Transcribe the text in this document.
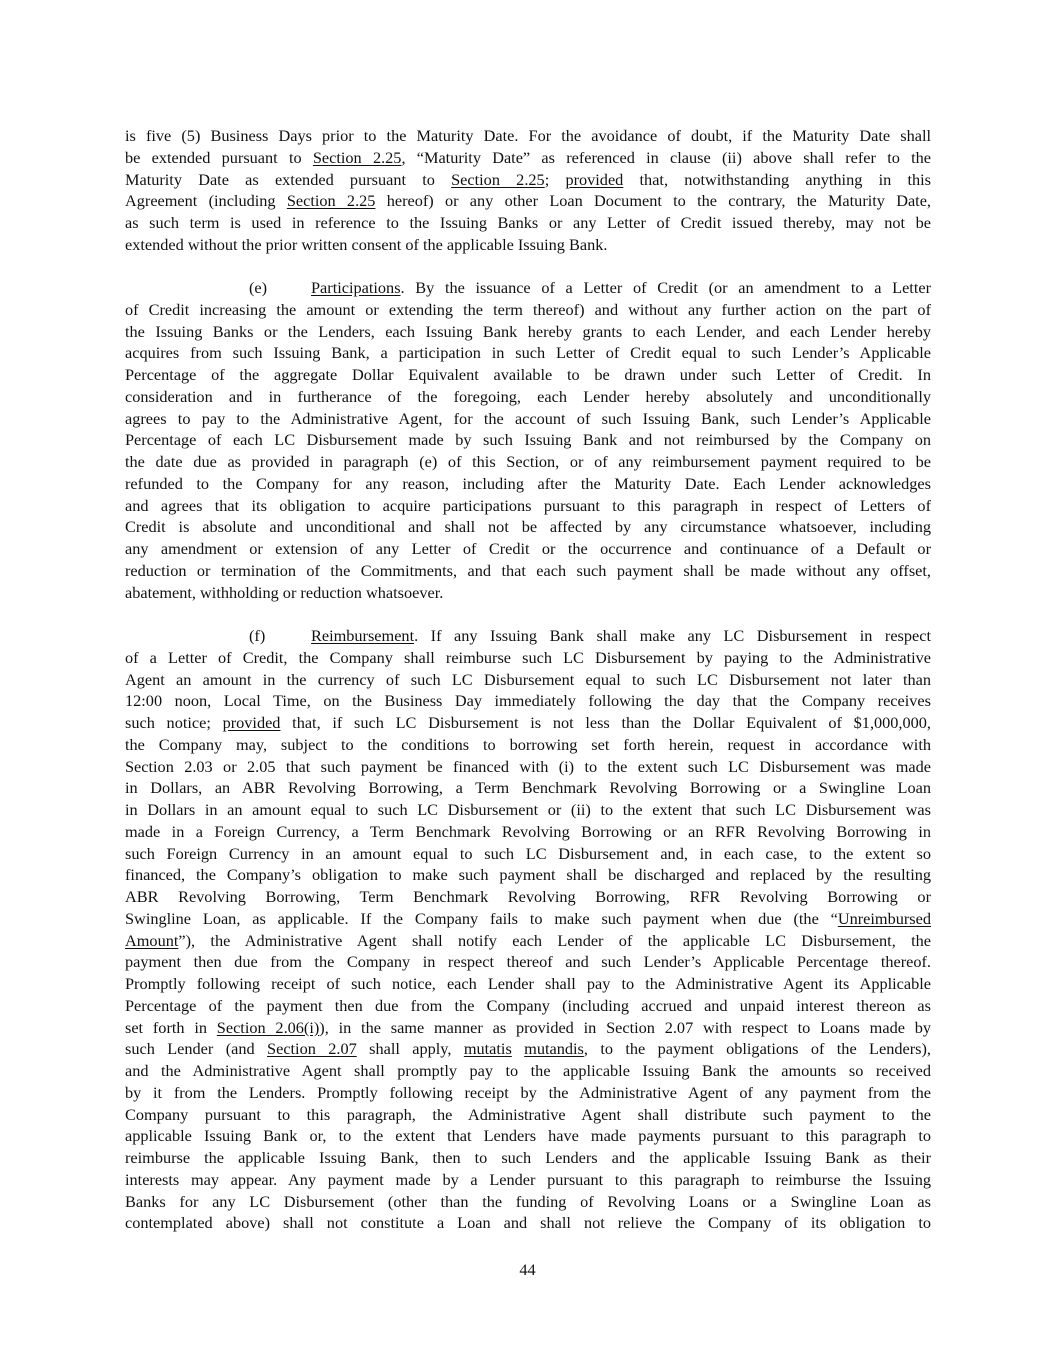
is five (5) Business Days prior to the Maturity Date. For the avoidance of doubt, if the Maturity Date shall
be extended pursuant to Section 2.25, “Maturity Date” as referenced in clause (ii) above shall refer to the
Maturity Date as extended pursuant to Section 2.25; provided that, notwithstanding anything in this
Agreement (including Section 2.25 hereof) or any other Loan Document to the contrary, the Maturity Date,
as such term is used in reference to the Issuing Banks or any Letter of Credit issued thereby, may not be
extended without the prior written consent of the applicable Issuing Bank.
(e)	Participations. By the issuance of a Letter of Credit (or an amendment to a Letter
of Credit increasing the amount or extending the term thereof) and without any further action on the part of
the Issuing Banks or the Lenders, each Issuing Bank hereby grants to each Lender, and each Lender hereby
acquires from such Issuing Bank, a participation in such Letter of Credit equal to such Lender’s Applicable
Percentage of the aggregate Dollar Equivalent available to be drawn under such Letter of Credit. In
consideration and in furtherance of the foregoing, each Lender hereby absolutely and unconditionally
agrees to pay to the Administrative Agent, for the account of such Issuing Bank, such Lender’s Applicable
Percentage of each LC Disbursement made by such Issuing Bank and not reimbursed by the Company on
the date due as provided in paragraph (e) of this Section, or of any reimbursement payment required to be
refunded to the Company for any reason, including after the Maturity Date. Each Lender acknowledges
and agrees that its obligation to acquire participations pursuant to this paragraph in respect of Letters of
Credit is absolute and unconditional and shall not be affected by any circumstance whatsoever, including
any amendment or extension of any Letter of Credit or the occurrence and continuance of a Default or
reduction or termination of the Commitments, and that each such payment shall be made without any offset,
abatement, withholding or reduction whatsoever.
(f)	Reimbursement. If any Issuing Bank shall make any LC Disbursement in respect
of a Letter of Credit, the Company shall reimburse such LC Disbursement by paying to the Administrative
Agent an amount in the currency of such LC Disbursement equal to such LC Disbursement not later than
12:00 noon, Local Time, on the Business Day immediately following the day that the Company receives
such notice; provided that, if such LC Disbursement is not less than the Dollar Equivalent of $1,000,000,
the Company may, subject to the conditions to borrowing set forth herein, request in accordance with
Section 2.03 or 2.05 that such payment be financed with (i) to the extent such LC Disbursement was made
in Dollars, an ABR Revolving Borrowing, a Term Benchmark Revolving Borrowing or a Swingline Loan
in Dollars in an amount equal to such LC Disbursement or (ii) to the extent that such LC Disbursement was
made in a Foreign Currency, a Term Benchmark Revolving Borrowing or an RFR Revolving Borrowing in
such Foreign Currency in an amount equal to such LC Disbursement and, in each case, to the extent so
financed, the Company’s obligation to make such payment shall be discharged and replaced by the resulting
ABR Revolving Borrowing, Term Benchmark Revolving Borrowing, RFR Revolving Borrowing or
Swingline Loan, as applicable. If the Company fails to make such payment when due (the “Unreimbursed
Amount”), the Administrative Agent shall notify each Lender of the applicable LC Disbursement, the
payment then due from the Company in respect thereof and such Lender’s Applicable Percentage thereof.
Promptly following receipt of such notice, each Lender shall pay to the Administrative Agent its Applicable
Percentage of the payment then due from the Company (including accrued and unpaid interest thereon as
set forth in Section 2.06(i)), in the same manner as provided in Section 2.07 with respect to Loans made by
such Lender (and Section 2.07 shall apply, mutatis mutandis, to the payment obligations of the Lenders),
and the Administrative Agent shall promptly pay to the applicable Issuing Bank the amounts so received
by it from the Lenders. Promptly following receipt by the Administrative Agent of any payment from the
Company pursuant to this paragraph, the Administrative Agent shall distribute such payment to the
applicable Issuing Bank or, to the extent that Lenders have made payments pursuant to this paragraph to
reimburse the applicable Issuing Bank, then to such Lenders and the applicable Issuing Bank as their
interests may appear. Any payment made by a Lender pursuant to this paragraph to reimburse the Issuing
Banks for any LC Disbursement (other than the funding of Revolving Loans or a Swingline Loan as
contemplated above) shall not constitute a Loan and shall not relieve the Company of its obligation to
44
